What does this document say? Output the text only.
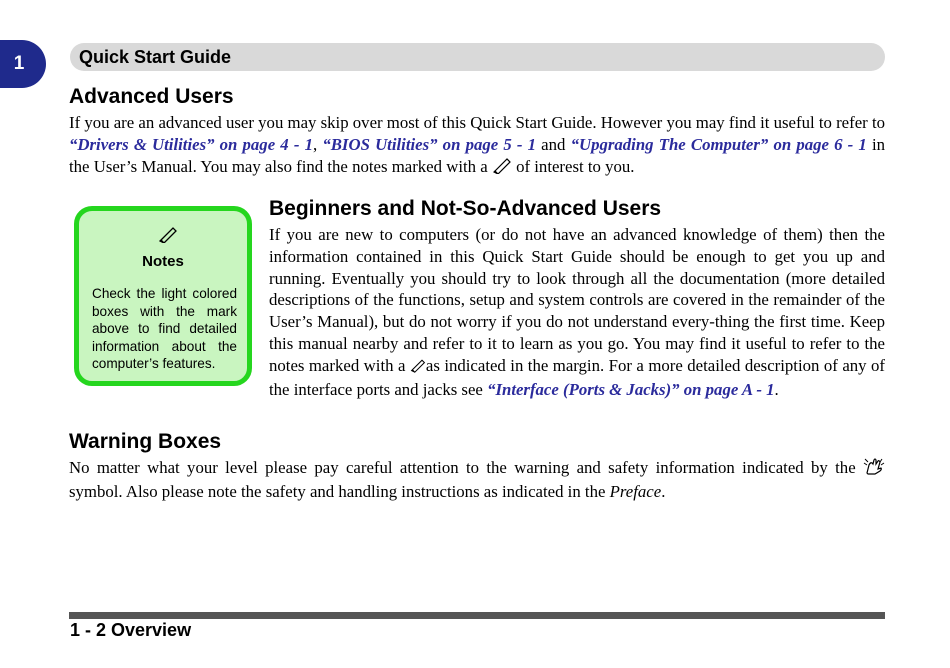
1	Quick Start Guide
Advanced Users

If you are an advanced user you may skip over most of this Quick Start Guide. However you may find it useful to refer to “Drivers & Utilities” on page 4 - 1, “BIOS Utilities” on page 5 - 1 and “Upgrading The Computer” on page 6 - 1 in the User’s Manual. You may also find the notes marked with a  of interest to you.

Notes

Check the light colored boxes with the mark above to find detailed information about the computer’s features.

Beginners and Not-So-Advanced Users

If you are new to computers (or do not have an advanced knowledge of them) then the information contained in this Quick Start Guide should be enough to get you up and running. Eventually you should try to look through all the documentation (more detailed descriptions of the functions, setup and system controls are covered in the remainder of the User’s Manual), but do not worry if you do not understand every-thing the first time. Keep this manual nearby and refer to it to learn as you go. You may find it useful to refer to the notes marked with a as indicated in the margin. For a more detailed description of any of the interface ports and jacks see “Interface (Ports & Jacks)” on page A - 1.

Warning Boxes

No matter what your level please pay careful attention to the warning and safety information indicated by the  symbol. Also please note the safety and handling instructions as indicated in the Preface.

1 - 2 Overview
